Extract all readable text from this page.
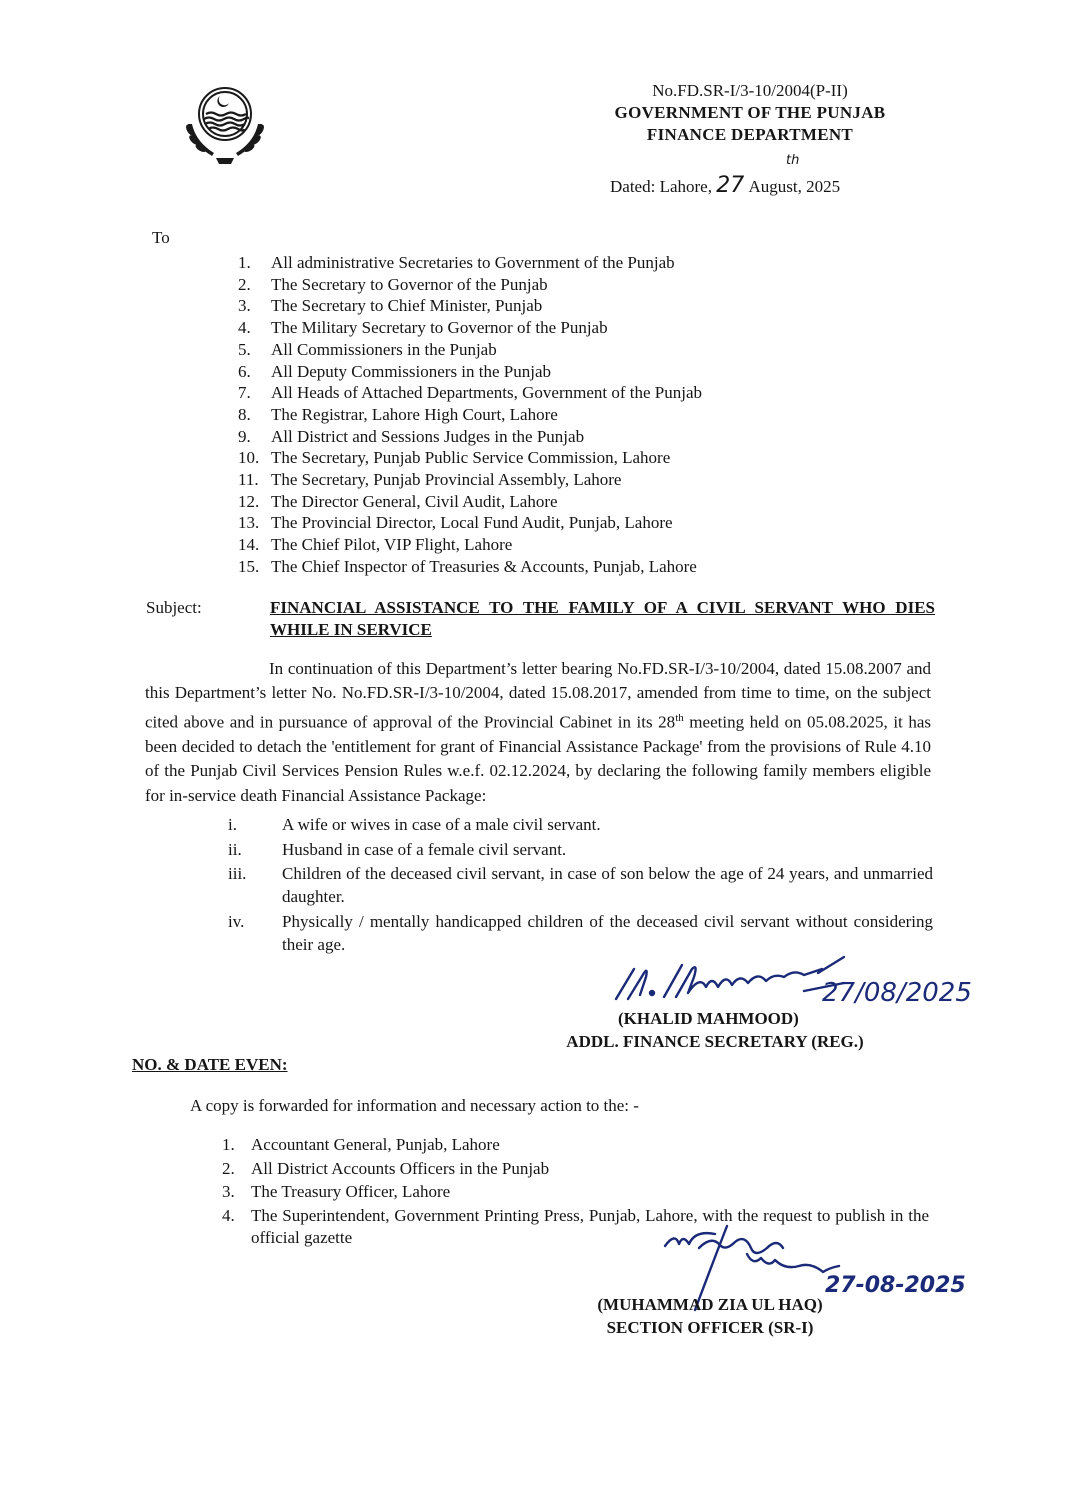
No.FD.SR-I/3-10/2004(P-II)
GOVERNMENT OF THE PUNJAB
FINANCE DEPARTMENT
Dated: Lahore, 27
th
August, 2025
To
1. All administrative Secretaries to Government of the Punjab
2. The Secretary to Governor of the Punjab
3. The Secretary to Chief Minister, Punjab
4. The Military Secretary to Governor of the Punjab
5. All Commissioners in the Punjab
6. All Deputy Commissioners in the Punjab
7. All Heads of Attached Departments, Government of the Punjab
8. The Registrar, Lahore High Court, Lahore
9. All District and Sessions Judges in the Punjab
10. The Secretary, Punjab Public Service Commission, Lahore
11. The Secretary, Punjab Provincial Assembly, Lahore
12. The Director General, Civil Audit, Lahore
13. The Provincial Director, Local Fund Audit, Punjab, Lahore
14. The Chief Pilot, VIP Flight, Lahore
15. The Chief Inspector of Treasuries & Accounts, Punjab, Lahore
Subject:	FINANCIAL ASSISTANCE TO THE FAMILY OF A CIVIL SERVANT WHO DIES WHILE IN SERVICE
In continuation of this Department’s letter bearing No.FD.SR-I/3-10/2004, dated 15.08.2007 and this Department’s letter No. No.FD.SR-I/3-10/2004, dated 15.08.2017, amended from time to time, on the subject cited above and in pursuance of approval of the Provincial Cabinet in its 28th meeting held on 05.08.2025, it has been decided to detach the 'entitlement for grant of Financial Assistance Package' from the provisions of Rule 4.10 of the Punjab Civil Services Pension Rules w.e.f. 02.12.2024, by declaring the following family members eligible for in-service death Financial Assistance Package:
i.	A wife or wives in case of a male civil servant.
ii. Husband in case of a female civil servant.
iii. Children of the deceased civil servant, in case of son below the age of 24 years, and unmarried daughter.
iv. Physically / mentally handicapped children of the deceased civil servant without considering their age.
27/08/2025
(KHALID MAHMOOD)
ADDL. FINANCE SECRETARY (REG.)
NO. & DATE EVEN:
A copy is forwarded for information and necessary action to the: -
1. Accountant General, Punjab, Lahore
2. All District Accounts Officers in the Punjab
3. The Treasury Officer, Lahore
4. The Superintendent, Government Printing Press, Punjab, Lahore, with the request to publish in the official gazette
27-08-2025
(MUHAMMAD ZIA UL HAQ)
SECTION OFFICER (SR-I)
